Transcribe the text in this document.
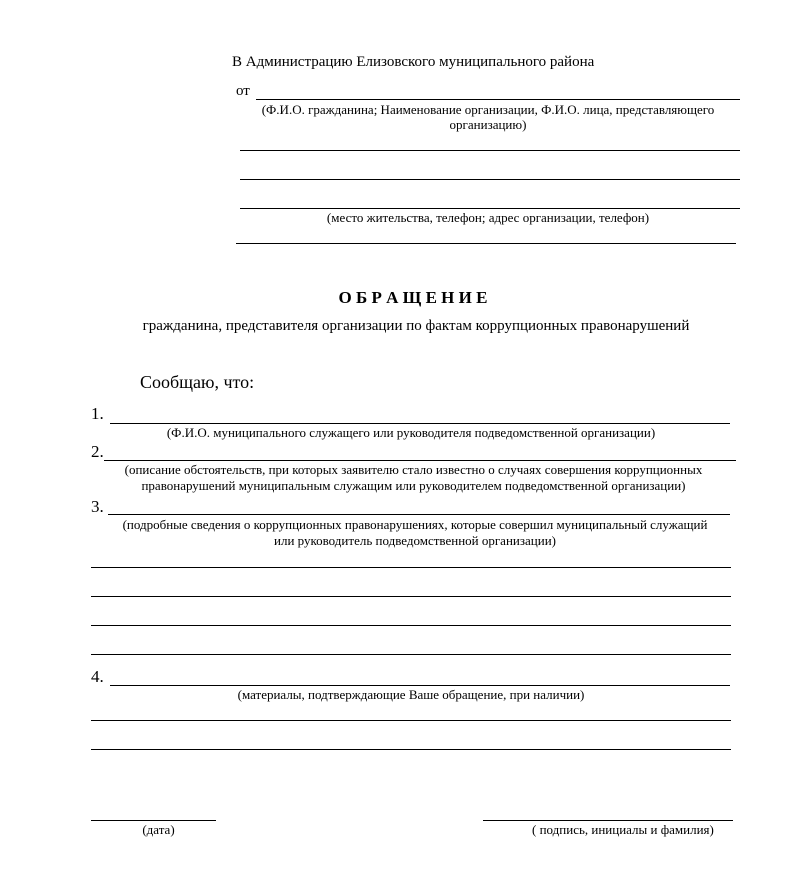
В Администрацию Елизовского муниципального района
от
(Ф.И.О. гражданина; Наименование организации, Ф.И.О. лица, представляющего
организацию)
(место жительства, телефон; адрес организации, телефон)
О Б Р А Щ Е Н И Е
гражданина, представителя организации по фактам коррупционных правонарушений
Сообщаю, что:
1.
(Ф.И.О. муниципального служащего или руководителя подведомственной организации)
2.
(описание обстоятельств, при которых заявителю стало известно о случаях совершения коррупционных
правонарушений муниципальным служащим или руководителем подведомственной организации)
3.
(подробные сведения о коррупционных правонарушениях, которые совершил муниципальный служащий
или руководитель подведомственной организации)
4.
(материалы, подтверждающие Ваше обращение, при наличии)
(дата)	( подпись, инициалы и фамилия)
